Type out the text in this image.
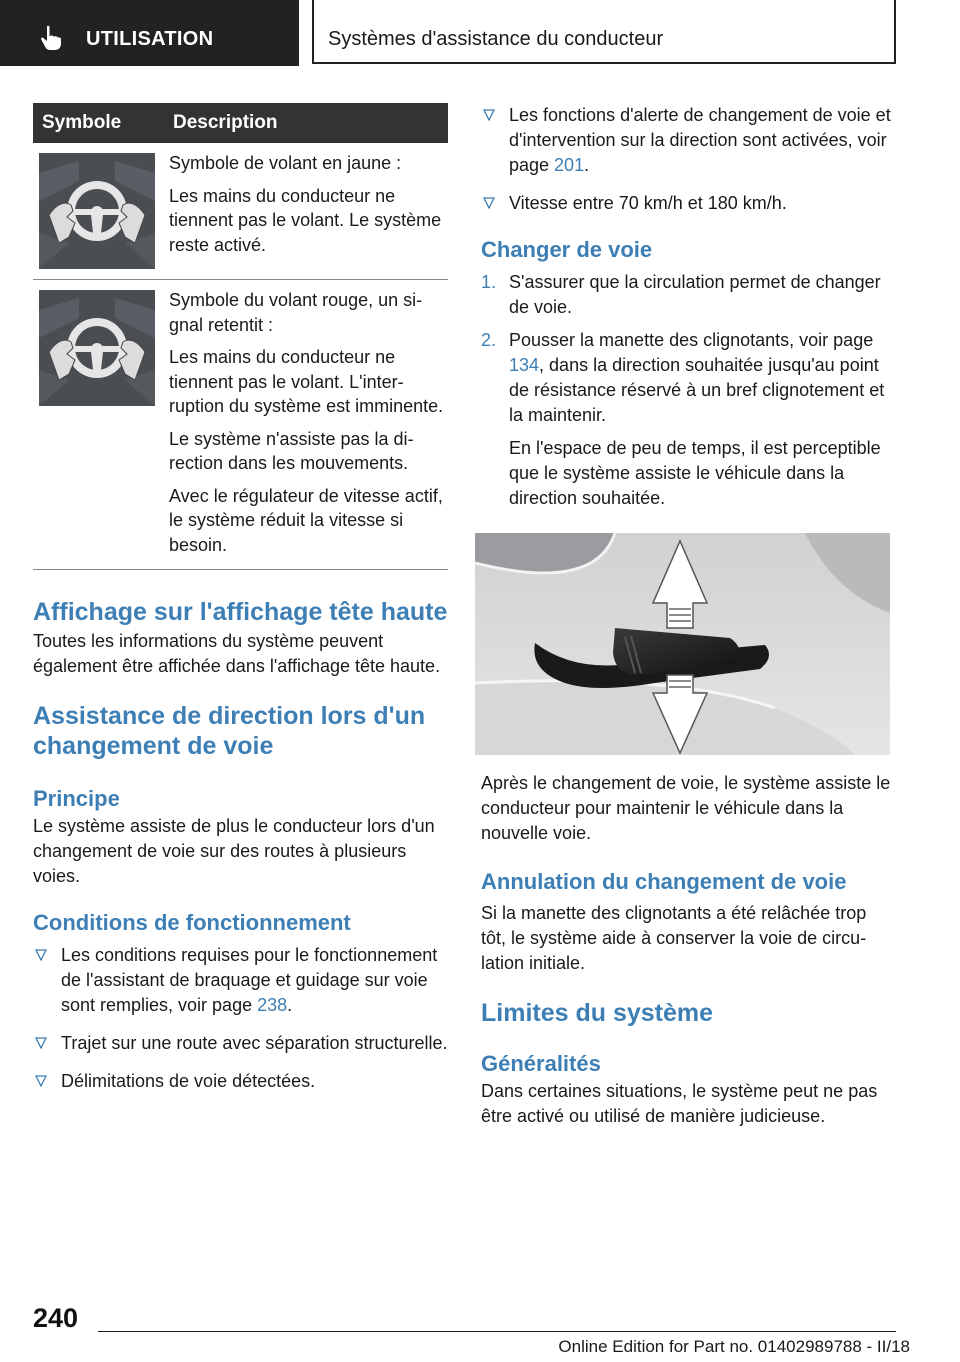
UTILISATION	Systèmes d'assistance du conducteur
Symbole	Description

Symbole de volant en jaune :

Les mains du conducteur ne tiennent pas le volant. Le système reste activé.

Symbole du volant rouge, un signal retentit :

Les mains du conducteur ne tiennent pas le volant. L'interruption du système est imminente.

Le système n'assiste pas la direction dans les mouvements.

Avec le régulateur de vitesse actif, le système réduit la vitesse si besoin.

Affichage sur l'affichage tête haute

Toutes les informations du système peuvent également être affichée dans l'affichage tête haute.

Assistance de direction lors d'un changement de voie
Principe

Le système assiste de plus le conducteur lors d'un changement de voie sur des routes à plusieurs voies.

Conditions de fonctionnement
Les conditions requises pour le fonctionnement de l'assistant de braquage et guidage sur voie sont remplies, voir page 238.
Trajet sur une route avec séparation structurelle.
Délimitations de voie détectées.
Les fonctions d'alerte de changement de voie et d'intervention sur la direction sont activées, voir page 201.
Vitesse entre 70 km/h et 180 km/h.
Changer de voie
1. S'assurer que la circulation permet de changer de voie.

2. Pousser la manette des clignotants, voir page 134, dans la direction souhaitée jusqu'au point de résistance réservé à un bref clignotement et la maintenir.

En l'espace de peu de temps, il est perceptible que le système assiste le véhicule dans la direction souhaitée.

Après le changement de voie, le système assiste le conducteur pour maintenir le véhicule dans la nouvelle voie.

Annulation du changement de voie

Si la manette des clignotants a été relâchée trop tôt, le système aide à conserver la voie de circulation initiale.

Limites du système
Généralités

Dans certaines situations, le système peut ne pas être activé ou utilisé de manière judicieuse.

240
Online Edition for Part no. 01402989788 - II/18
